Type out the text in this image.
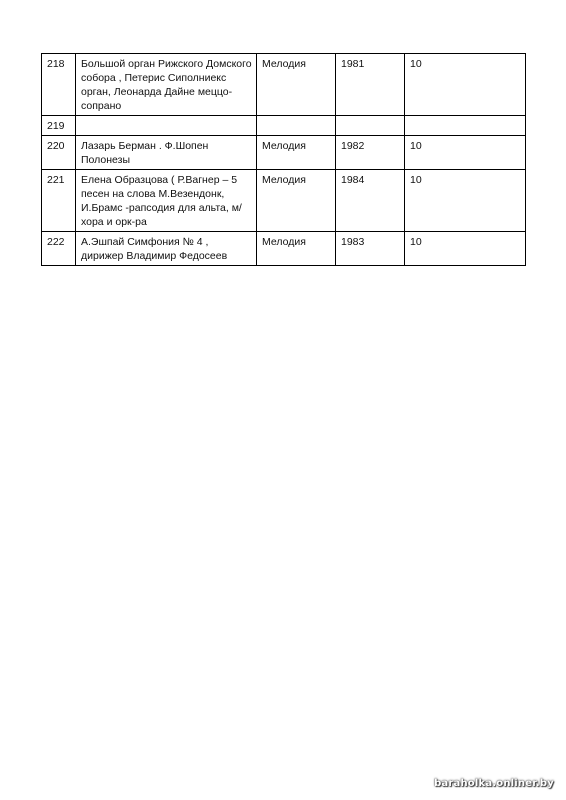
218	Большой орган Рижского Домского собора , Петерис Сиполниекс орган, Леонарда Дайне меццо-сопрано	Мелодия	1981	10
219				
220	Лазарь Берман . Ф.Шопен Полонезы	Мелодия	1982	10
221	Елена Образцова ( Р.Вагнер – 5 песен на слова М.Везендонк, И.Брамс -рапсодия для альта, м/хора и орк-ра	Мелодия	1984	10
222	А.Эшпай Симфония № 4 , дирижер Владимир Федосеев	Мелодия	1983	10
baraholka.onliner.by
